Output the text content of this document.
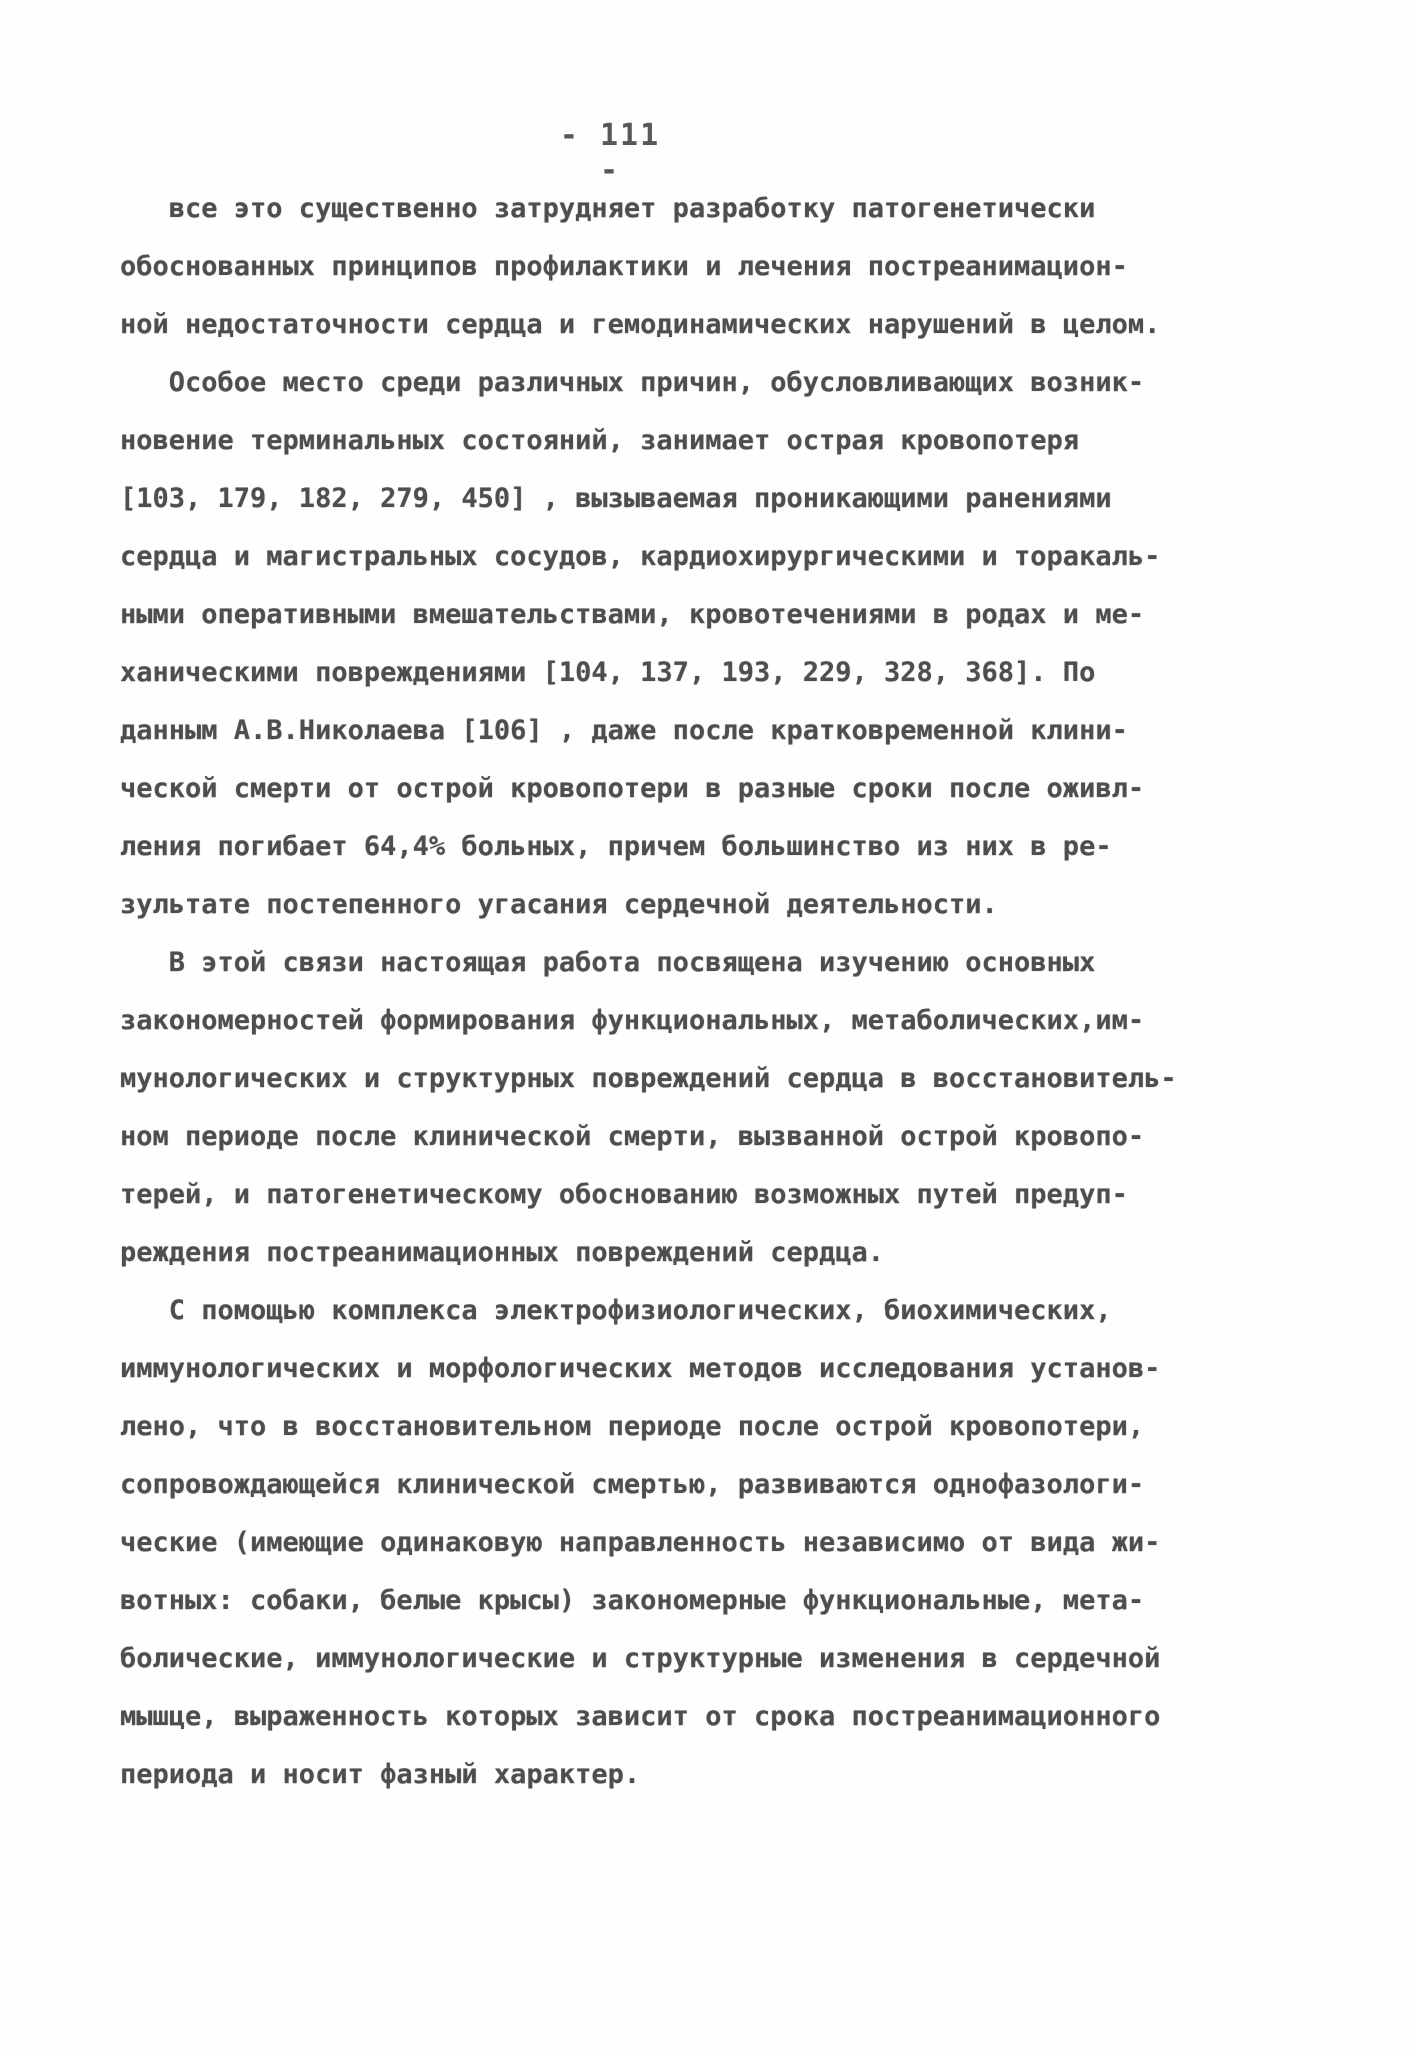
- 111 -
все это существенно затрудняет разработку патогенетически
обоснованных принципов профилактики и лечения постреанимацион-
ной недостаточности сердца и гемодинамических нарушений в целом.
Особое место среди различных причин, обусловливающих возник-
новение терминальных состояний, занимает острая кровопотеря
[103, 179, 182, 279, 450] , вызываемая проникающими ранениями
сердца и магистральных сосудов, кардиохирургическими и торакаль-
ными оперативными вмешательствами, кровотечениями в родах и ме-
ханическими повреждениями [104, 137, 193, 229, 328, 368]. По
данным А.В.Николаева [106] , даже после кратковременной клини-
ческой смерти от острой кровопотери в разные сроки после оживл-
ления погибает 64,4% больных, причем большинство из них в ре-
зультате постепенного угасания сердечной деятельности.
В этой связи настоящая работа посвящена изучению основных
закономерностей формирования функциональных, метаболических,им-
мунологических и структурных повреждений сердца в восстановитель-
ном периоде после клинической смерти, вызванной острой кровопо-
терей, и патогенетическому обоснованию возможных путей предуп-
реждения постреанимационных повреждений сердца.
С помощью комплекса электрофизиологических, биохимических,
иммунологических и морфологических методов исследования установ-
лено, что в восстановительном периоде после острой кровопотери,
сопровождающейся клинической смертью, развиваются однофазологи-
ческие (имеющие одинаковую направленность независимо от вида жи-
вотных: собаки, белые крысы) закономерные функциональные, мета-
болические, иммунологические и структурные изменения в сердечной
мышце, выраженность которых зависит от срока постреанимационного
периода и носит фазный характер.
